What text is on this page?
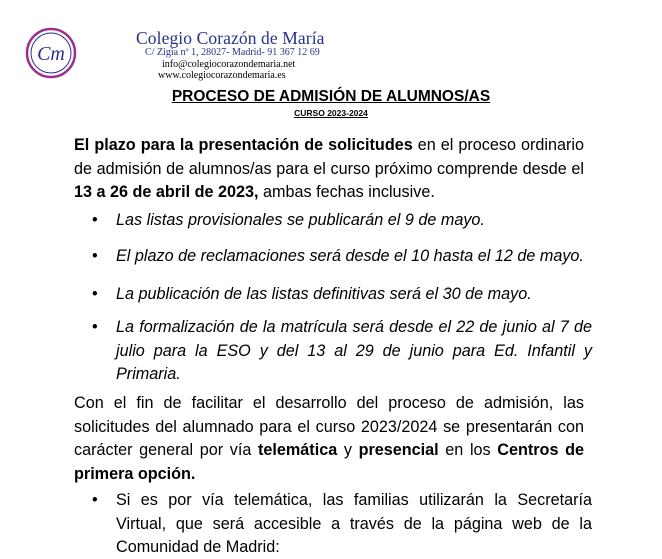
Cm
Colegio Corazón de María
C/ Zigia nº 1, 28027- Madrid- 91 367 12 69
info@colegiocorazondemaria.net
www.colegiocorazondemaria.es
PROCESO DE ADMISIÓN DE ALUMNOS/AS
CURSO 2023-2024

El plazo para la presentación de solicitudes en el proceso ordinario de admisión de alumnos/as para el curso próximo comprende desde el 13 a 26 de abril de 2023, ambas fechas inclusive.

• Las listas provisionales se publicarán el 9 de mayo.
• El plazo de reclamaciones será desde el 10 hasta el 12 de mayo.
• La publicación de las listas definitivas será el 30 de mayo.
• La formalización de la matrícula será desde el 22 de junio al 7 de julio para la ESO y del 13 al 29 de junio para Ed. Infantil y Primaria.

Con el fin de facilitar el desarrollo del proceso de admisión, las solicitudes del alumnado para el curso 2023/2024 se presentarán con carácter general por vía telemática y presencial en los Centros de primera opción.

• Si es por vía telemática, las familias utilizarán la Secretaría Virtual, que será accesible a través de la página web de la Comunidad de Madrid:
